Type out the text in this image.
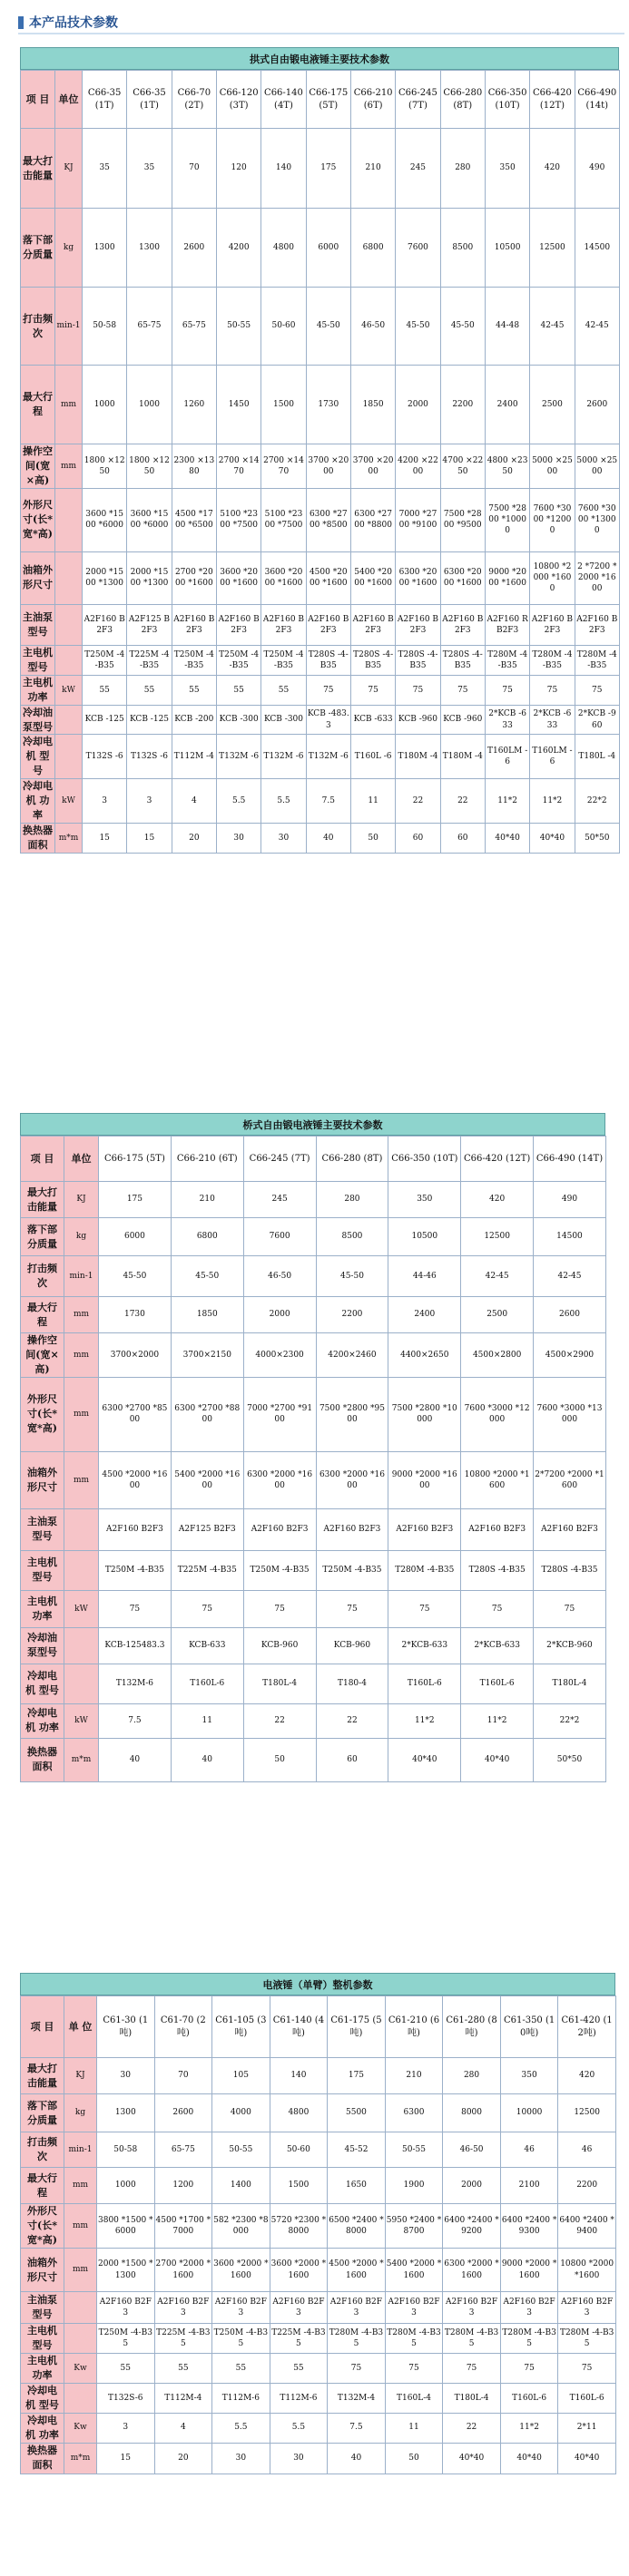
本产品技术参数
拱式自由锻电液锤主要技术参数
项 目	单位	C66-35 (1T)	C66-35 (1T)	C66-70 (2T)	C66-120 (3T)	C66-140 (4T)	C66-175 (5T)	C66-210 (6T)	C66-245 (7T)	C66-280 (8T)	C66-350 (10T)	C66-420 (12T)	C66-490 (14t)
最大打击能量	KJ	35	35	70	120	140	175	210	245	280	350	420	490
落下部分质量	kg	1300	1300	2600	4200	4800	6000	6800	7600	8500	10500	12500	14500
打击频次	min-1	50-58	65-75	65-75	50-55	50-60	45-50	46-50	45-50	45-50	44-48	42-45	42-45
最大行程	mm	1000	1000	1260	1450	1500	1730	1850	2000	2200	2400	2500	2600
操作空间(宽×高)	mm	1800 ×1250	1800 ×1250	2300 ×1380	2700 ×1470	2700 ×1470	3700 ×2000	3700 ×2000	4200 ×2200	4700 ×2250	4800 ×2350	5000 ×2500	5000 ×2500
外形尺寸(长*宽*高)		3600 *1500 *6000	3600 *1500 *6000	4500 *1700 *6500	5100 *2300 *7500	5100 *2300 *7500	6300 *2700 *8500	6300 *2700 *8800	7000 *2700 *9100	7500 *2800 *9500	7500 *2800 *10000	7600 *3000 *12000	7600 *3000 *13000
油箱外形尺寸		2000 *1500 *1300	2000 *1500 *1300	2700 *2000 *1600	3600 *2000 *1600	3600 *2000 *1600	4500 *2000 *1600	5400 *2000 *1600	6300 *2000 *1600	6300 *2000 *1600	9000 *2000 *1600	10800 *2000 *1600	2 *7200 *2000 *1600
主油泵型号		A2F160 B2F3	A2F125 B2F3	A2F160 B2F3	A2F160 B2F3	A2F160 B2F3	A2F160 B2F3	A2F160 B2F3	A2F160 B2F3	A2F160 B2F3	A2F160 R B2F3	A2F160 B2F3	A2F160 B2F3
主电机 型号		T250M -4-B35	T225M -4-B35	T250M -4-B35	T250M -4-B35	T250M -4-B35	T280S -4-B35	T280S -4-B35	T280S -4-B35	T280S -4-B35	T280M -4-B35	T280M -4-B35	T280M -4-B35
主电机 功率	kW	55	55	55	55	55	75	75	75	75	75	75	75
冷却油泵型号		KCB -125	KCB -125	KCB -200	KCB -300	KCB -300	KCB -483.3	KCB -633	KCB -960	KCB -960	2*KCB -633	2*KCB -633	2*KCB -960
冷却电机 型号		T132S -6	T132S -6	T112M -4	T132M -6	T132M -6	T132M -6	T160L -6	T180M -4	T180M -4	T160LM -6	T160LM -6	T180L -4
冷却电机 功率	kW	3	3	4	5.5	5.5	7.5	11	22	22	11*2	11*2	22*2
换热器面积	m*m	15	15	20	30	30	40	50	60	60	40*40	40*40	50*50
桥式自由锻电液锤主要技术参数
项 目	单位	C66-175 (5T)	C66-210 (6T)	C66-245 (7T)	C66-280 (8T)	C66-350 (10T)	C66-420 (12T)	C66-490 (14T)
最大打击能量	KJ	175	210	245	280	350	420	490
落下部分质量	kg	6000	6800	7600	8500	10500	12500	14500
打击频次	min-1	45-50	45-50	46-50	45-50	44-46	42-45	42-45
最大行程	mm	1730	1850	2000	2200	2400	2500	2600
操作空间(宽×高)	mm	3700×2000	3700×2150	4000×2300	4200×2460	4400×2650	4500×2800	4500×2900
外形尺寸(长*宽*高)	mm	6300 *2700 *8500	6300 *2700 *8800	7000 *2700 *9100	7500 *2800 *9500	7500 *2800 *10000	7600 *3000 *12000	7600 *3000 *13000
油箱外形尺寸	mm	4500 *2000 *1600	5400 *2000 *1600	6300 *2000 *1600	6300 *2000 *1600	9000 *2000 *1600	10800 *2000 *1600	2*7200 *2000 *1600
主油泵型号		A2F160 B2F3	A2F125 B2F3	A2F160 B2F3	A2F160 B2F3	A2F160 B2F3	A2F160 B2F3	A2F160 B2F3
主电机 型号		T250M -4-B35	T225M -4-B35	T250M -4-B35	T250M -4-B35	T280M -4-B35	T280S -4-B35	T280S -4-B35
主电机 功率	kW	75	75	75	75	75	75	75
冷却油泵型号		KCB-125483.3	KCB-633	KCB-960	KCB-960	2*KCB-633	2*KCB-633	2*KCB-960
冷却电机 型号		T132M-6	T160L-6	T180L-4	T180-4	T160L-6	T160L-6	T180L-4
冷却电机 功率	kW	7.5	11	22	22	11*2	11*2	22*2
换热器面积	m*m	40	40	50	60	40*40	40*40	50*50
电液锤（单臂）整机参数
项 目	单 位	C61-30 (1吨)	C61-70 (2吨)	C61-105 (3吨)	C61-140 (4吨)	C61-175 (5吨)	C61-210 (6吨)	C61-280 (8吨)	C61-350 (10吨)	C61-420 (12吨)
最大打击能量	KJ	30	70	105	140	175	210	280	350	420
落下部分质量	kg	1300	2600	4000	4800	5500	6300	8000	10000	12500
打击频次	min-1	50-58	65-75	50-55	50-60	45-52	50-55	46-50	46	46
最大行程	mm	1000	1200	1400	1500	1650	1900	2000	2100	2200
外形尺寸(长*宽*高)	mm	3800 *1500 *6000	4500 *1700 *7000	582 *2300 *8000	5720 *2300 *8000	6500 *2400 *8000	5950 *2400 *8700	6400 *2400 *9200	6400 *2400 *9300	6400 *2400 *9400
油箱外形尺寸	mm	2000 *1500 *1300	2700 *2000 *1600	3600 *2000 *1600	3600 *2000 *1600	4500 *2000 *1600	5400 *2000 *1600	6300 *2000 *1600	9000 *2000 *1600	10800 *2000 *1600
主油泵型号		A2F160 B2F3	A2F160 B2F3	A2F160 B2F3	A2F160 B2F3	A2F160 B2F3	A2F160 B2F3	A2F160 B2F3	A2F160 B2F3	A2F160 B2F3
主电机 型号		T250M -4-B35	T225M -4-B35	T250M -4-B35	T225M -4-B35	T280M -4-B35	T280M -4-B35	T280M -4-B35	T280M -4-B35	T280M -4-B35
主电机 功率	Kw	55	55	55	55	75	75	75	75	75
冷却电机 型号		T132S-6	T112M-4	T112M-6	T112M-6	T132M-4	T160L-4	T180L-4	T160L-6	T160L-6
冷却电机 功率	Kw	3	4	5.5	5.5	7.5	11	22	11*2	2*11
换热器面积	m*m	15	20	30	30	40	50	40*40	40*40	40*40
